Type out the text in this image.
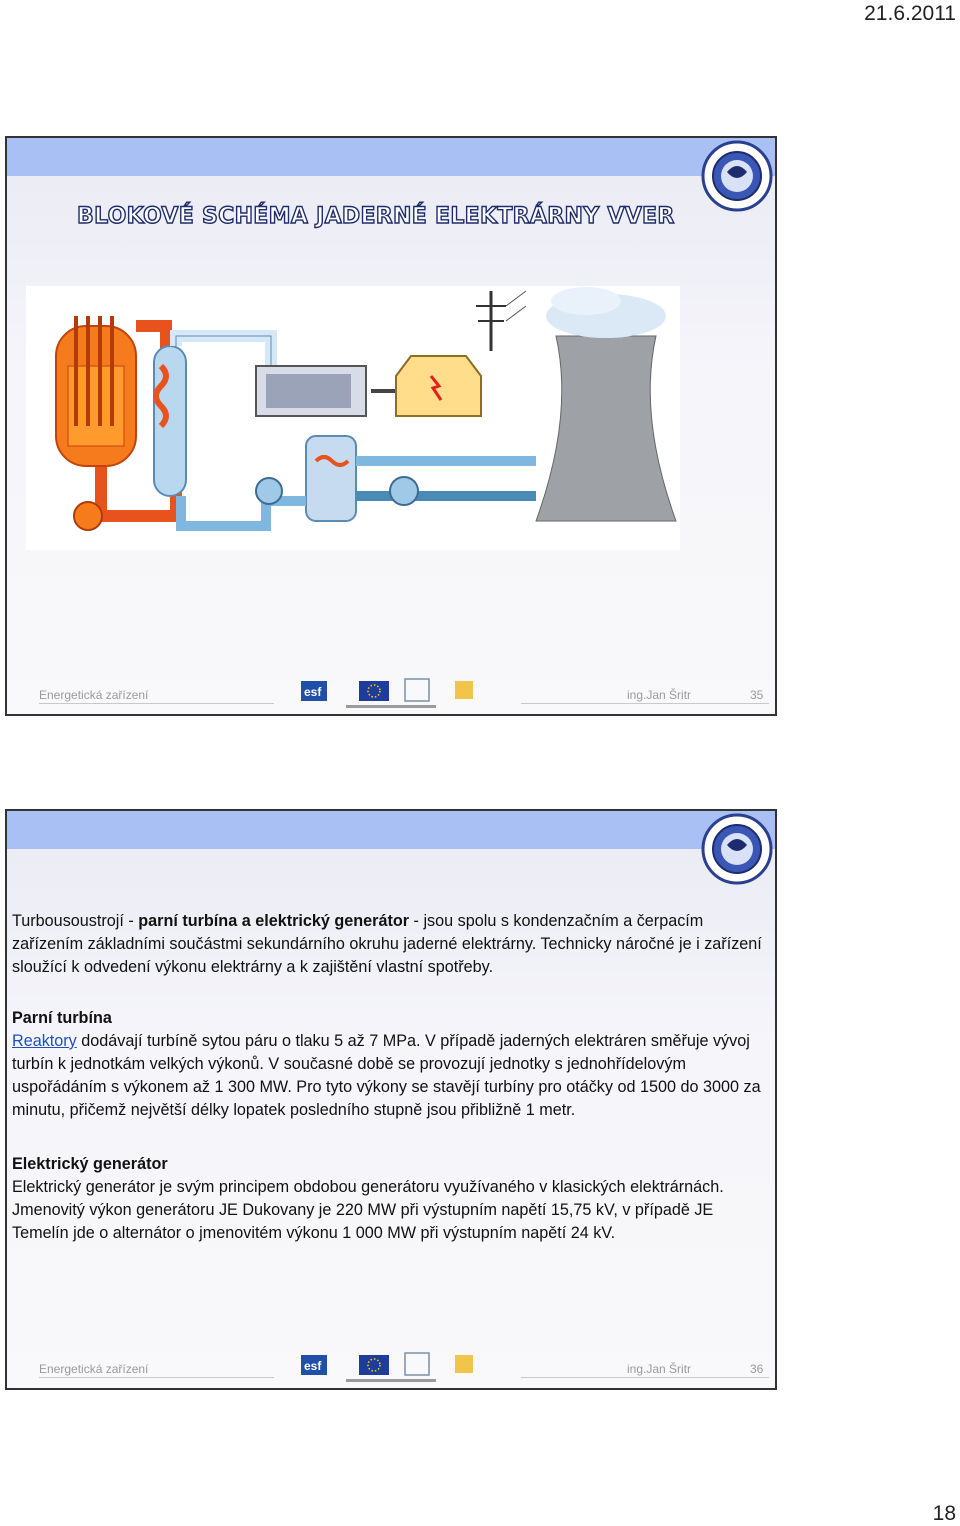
21.6.2011
BLOKOVÉ SCHÉMA JADERNÉ ELEKTRÁRNY VVER
Energetická zařízení	esf	ing.Jan Šritr	35

Turbousoustrojí - parní turbína a elektrický generátor - jsou spolu s kondenzačním a čerpacím zařízením základními součástmi sekundárního okruhu jaderné elektrárny. Technicky náročné je i zařízení sloužící k odvedení výkonu elektrárny a k zajištění vlastní spotřeby.

Parní turbína

Reaktory dodávají turbíně sytou páru o tlaku 5 až 7 MPa. V případě jaderných elektráren směřuje vývoj turbín k jednotkám velkých výkonů. V současné době se provozují jednotky s jednohřídelovým uspořádáním s výkonem až 1 300 MW. Pro tyto výkony se stavějí turbíny pro otáčky od 1500 do 3000 za minutu, přičemž největší délky lopatek posledního stupně jsou přibližně 1 metr.

Elektrický generátor

Elektrický generátor je svým principem obdobou generátoru využívaného v klasických elektrárnách. Jmenovitý výkon generátoru JE Dukovany je 220 MW při výstupním napětí 15,75 kV, v případě JE Temelín jde o alternátor o jmenovitém výkonu 1 000 MW při výstupním napětí 24 kV.

Energetická zařízení	esf	ing.Jan Šritr	36
18
